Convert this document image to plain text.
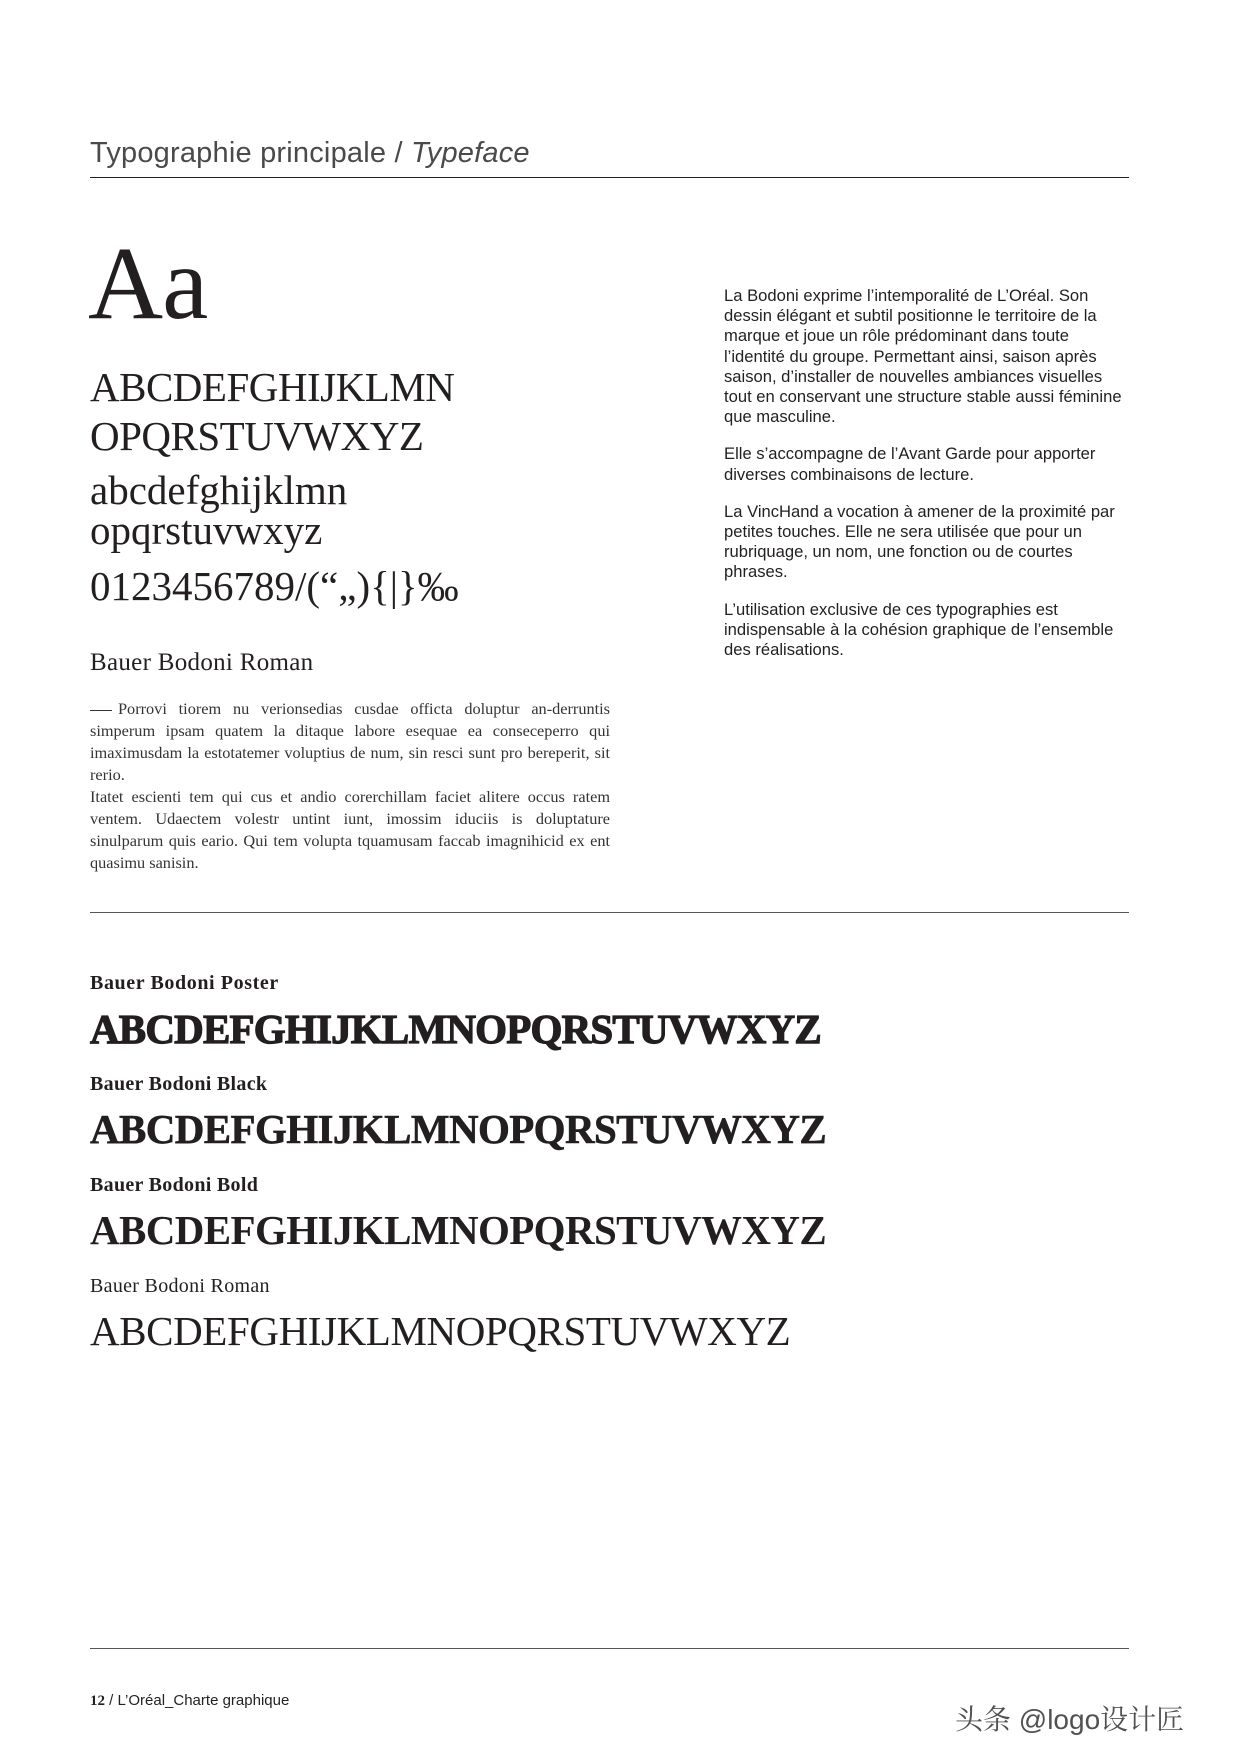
Typographie principale / Typeface
Aa
ABCDEFGHIJKLMN
OPQRSTUVWXYZ
abcdefghijklmn
opqrstuvwxyz
0123456789/(“„){|}‰
Bauer Bodoni Roman
Porrovi tiorem nu verionsedias cusdae officta doluptur an-derruntis simperum ipsam quatem la ditaque labore esequae ea conseceperro qui imaximusdam la estotatemer voluptius de num, sin resci sunt pro bereperit, sit rerio.
Itatet escienti tem qui cus et andio corerchillam faciet alitere occus ratem ventem. Udaectem volestr untint iunt, imossim iduciis is doluptature sinulparum quis eario. Qui tem volupta tquamusam faccab imagnihicid ex ent quasimu sanisin.

La Bodoni exprime l’intemporalité de L’Oréal. Son dessin élégant et subtil positionne le territoire de la marque et joue un rôle prédominant dans toute l’identité du groupe. Permettant ainsi, saison après saison, d’installer de nouvelles ambiances visuelles tout en conservant une structure stable aussi féminine que masculine.

Elle s’accompagne de l’Avant Garde pour apporter diverses combinaisons de lecture.

La VincHand a vocation à amener de la proximité par petites touches. Elle ne sera utilisée que pour un rubriquage, un nom, une fonction ou de courtes phrases.

L’utilisation exclusive de ces typographies est indispensable à la cohésion graphique de l’ensemble des réalisations.

Bauer Bodoni Poster
ABCDEFGHIJKLMNOPQRSTUVWXYZ
Bauer Bodoni Black
ABCDEFGHIJKLMNOPQRSTUVWXYZ
Bauer Bodoni Bold
ABCDEFGHIJKLMNOPQRSTUVWXYZ
Bauer Bodoni Roman
ABCDEFGHIJKLMNOPQRSTUVWXYZ
12 / L’Oréal_Charte graphique
头条 @logo设计匠
